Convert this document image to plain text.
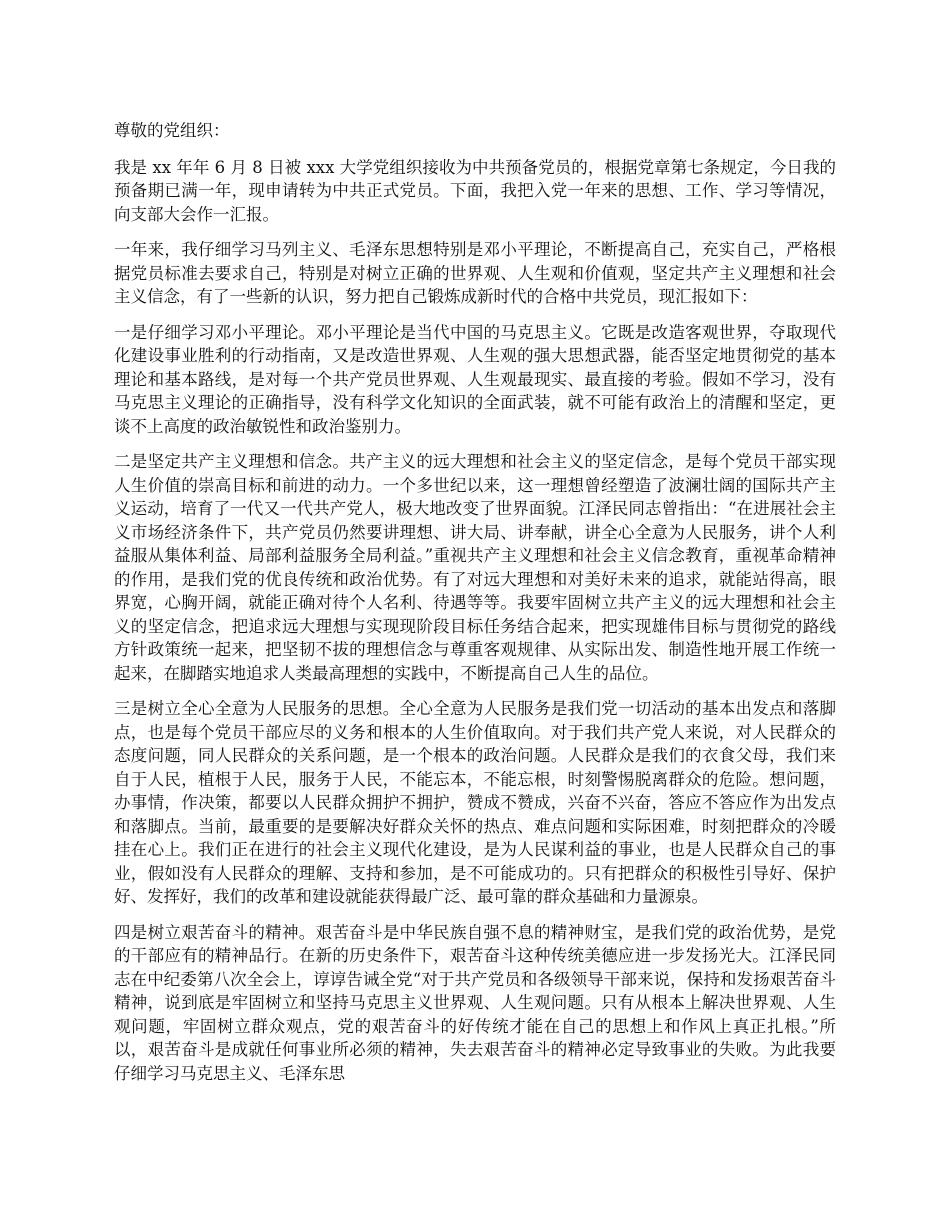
尊敬的党组织：

我是 xx 年年 6 月 8 日被 xxx 大学党组织接收为中共预备党员的，根据党章第七条规定，今日我的预备期已满一年，现申请转为中共正式党员。下面，我把入党一年来的思想、工作、学习等情况，向支部大会作一汇报。

一年来，我仔细学习马列主义、毛泽东思想特别是邓小平理论，不断提高自己，充实自己，严格根据党员标准去要求自己，特别是对树立正确的世界观、人生观和价值观，坚定共产主义理想和社会主义信念，有了一些新的认识，努力把自己锻炼成新时代的合格中共党员，现汇报如下：

一是仔细学习邓小平理论。邓小平理论是当代中国的马克思主义。它既是改造客观世界，夺取现代化建设事业胜利的行动指南，又是改造世界观、人生观的强大思想武器，能否坚定地贯彻党的基本理论和基本路线，是对每一个共产党员世界观、人生观最现实、最直接的考验。假如不学习，没有马克思主义理论的正确指导，没有科学文化知识的全面武装，就不可能有政治上的清醒和坚定，更谈不上高度的政治敏锐性和政治鉴别力。

二是坚定共产主义理想和信念。共产主义的远大理想和社会主义的坚定信念，是每个党员干部实现人生价值的崇高目标和前进的动力。一个多世纪以来，这一理想曾经塑造了波澜壮阔的国际共产主义运动，培育了一代又一代共产党人，极大地改变了世界面貌。江泽民同志曾指出：“在进展社会主义市场经济条件下，共产党员仍然要讲理想、讲大局、讲奉献，讲全心全意为人民服务，讲个人利益服从集体利益、局部利益服务全局利益。”重视共产主义理想和社会主义信念教育，重视革命精神的作用，是我们党的优良传统和政治优势。有了对远大理想和对美好未来的追求，就能站得高，眼界宽，心胸开阔，就能正确对待个人名利、待遇等等。我要牢固树立共产主义的远大理想和社会主义的坚定信念，把追求远大理想与实现现阶段目标任务结合起来，把实现雄伟目标与贯彻党的路线方针政策统一起来，把坚韧不拔的理想信念与尊重客观规律、从实际出发、制造性地开展工作统一起来，在脚踏实地追求人类最高理想的实践中，不断提高自己人生的品位。

三是树立全心全意为人民服务的思想。全心全意为人民服务是我们党一切活动的基本出发点和落脚点，也是每个党员干部应尽的义务和根本的人生价值取向。对于我们共产党人来说，对人民群众的态度问题，同人民群众的关系问题，是一个根本的政治问题。人民群众是我们的衣食父母，我们来自于人民，植根于人民，服务于人民，不能忘本，不能忘根，时刻警惕脱离群众的危险。想问题，办事情，作决策，都要以人民群众拥护不拥护，赞成不赞成，兴奋不兴奋，答应不答应作为出发点和落脚点。当前，最重要的是要解决好群众关怀的热点、难点问题和实际困难，时刻把群众的冷暖挂在心上。我们正在进行的社会主义现代化建设，是为人民谋利益的事业，也是人民群众自己的事业，假如没有人民群众的理解、支持和参加，是不可能成功的。只有把群众的积极性引导好、保护好、发挥好，我们的改革和建设就能获得最广泛、最可靠的群众基础和力量源泉。

四是树立艰苦奋斗的精神。艰苦奋斗是中华民族自强不息的精神财宝，是我们党的政治优势，是党的干部应有的精神品行。在新的历史条件下，艰苦奋斗这种传统美德应进一步发扬光大。江泽民同志在中纪委第八次全会上，谆谆告诫全党“对于共产党员和各级领导干部来说，保持和发扬艰苦奋斗精神，说到底是牢固树立和坚持马克思主义世界观、人生观问题。只有从根本上解决世界观、人生观问题，牢固树立群众观点，党的艰苦奋斗的好传统才能在自己的思想上和作风上真正扎根。”所以，艰苦奋斗是成就任何事业所必须的精神，失去艰苦奋斗的精神必定导致事业的失败。为此我要仔细学习马克思主义、毛泽东思
